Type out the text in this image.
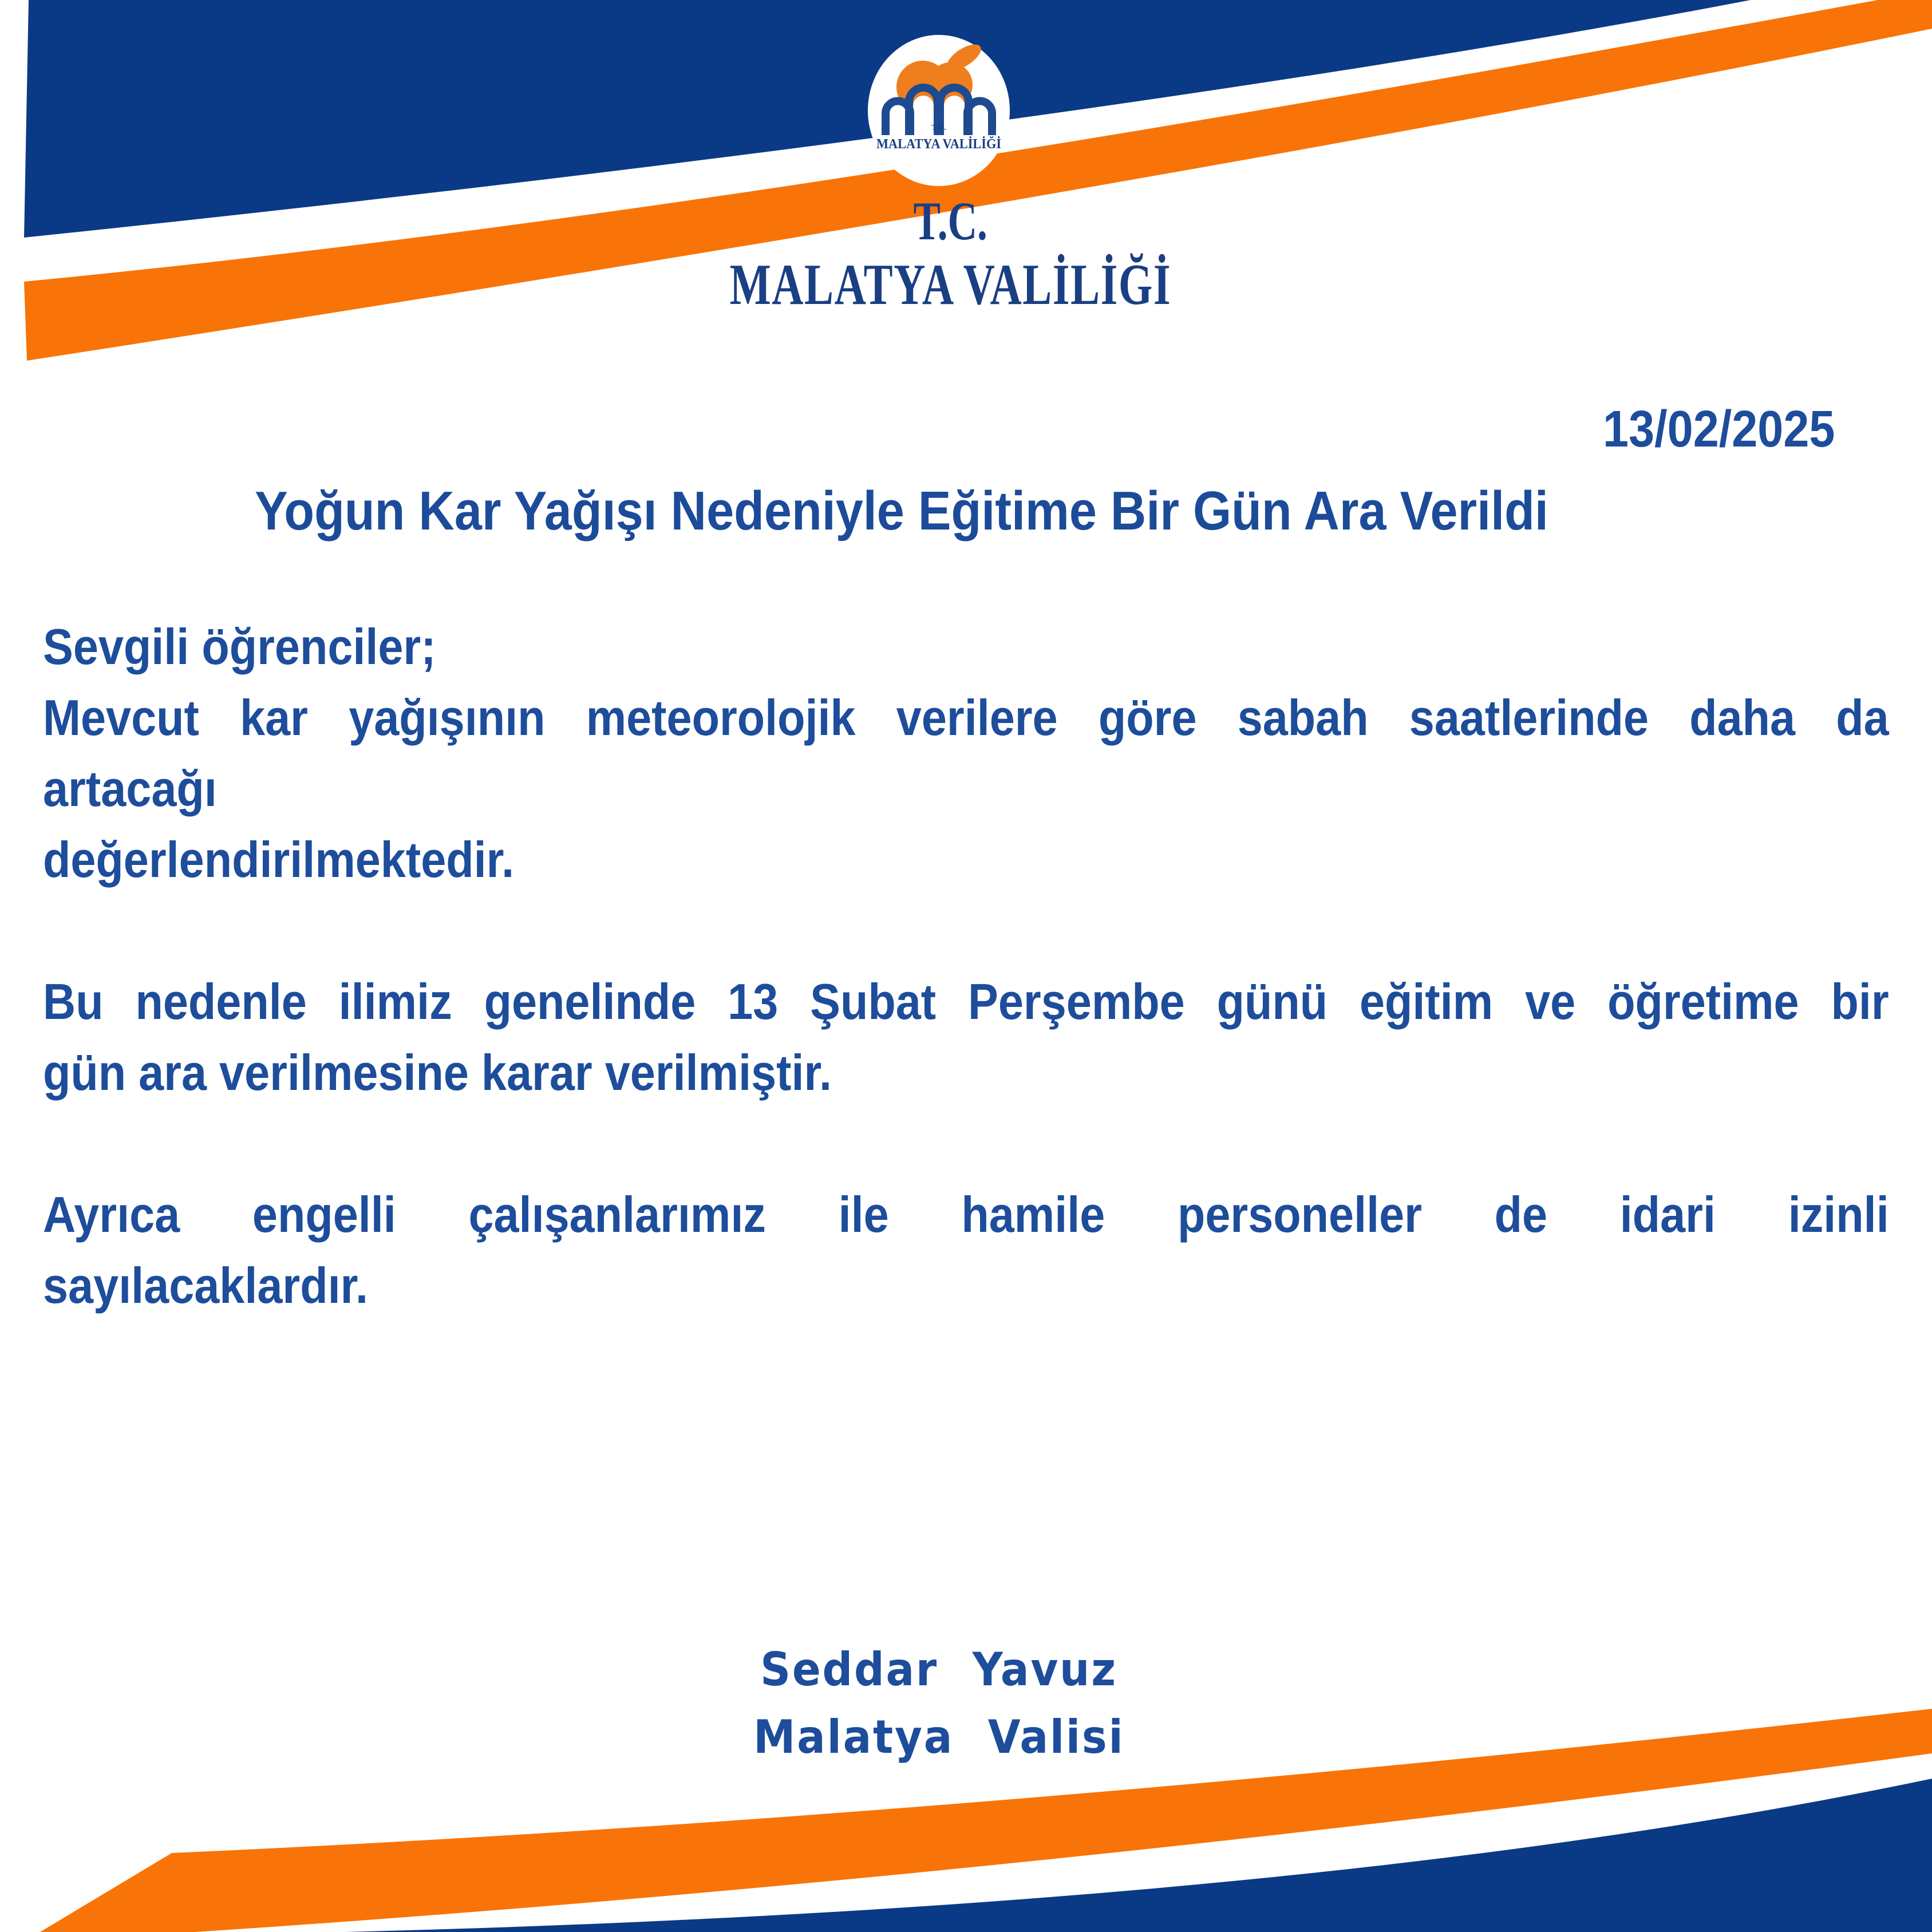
T.C.
MALATYA VALİLİĞİ
T.C.
MALATYA VALİLİĞİ
13/02/2025
Yoğun Kar Yağışı Nedeniyle Eğitime Bir Gün Ara Verildi
Sevgili öğrenciler;
Mevcut kar yağışının meteorolojik verilere göre sabah saatlerinde daha da
artacağı
değerlendirilmektedir.
Bu nedenle ilimiz genelinde 13 Şubat Perşembe günü eğitim ve öğretime bir
gün ara verilmesine karar verilmiştir.
Ayrıca engelli çalışanlarımız ile hamile personeller de idari izinli
sayılacaklardır.
Seddar Yavuz
Malatya Valisi
